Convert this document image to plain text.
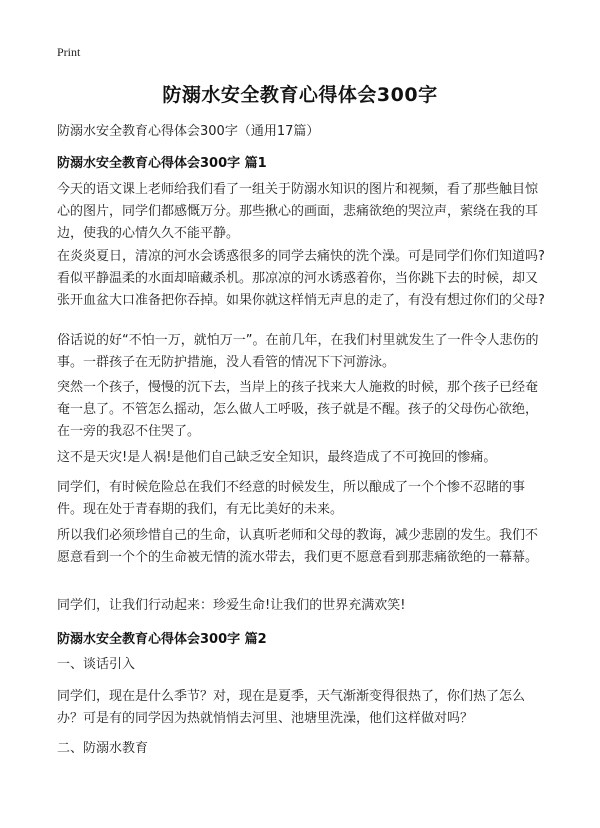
Print
防溺水安全教育心得体会300字
防溺水安全教育心得体会300字（通用17篇）
防溺水安全教育心得体会300字 篇1
今天的语文课上老师给我们看了一组关于防溺水知识的图片和视频，看了那些触目惊心的图片，同学们都感慨万分。那些揪心的画面，悲痛欲绝的哭泣声，萦绕在我的耳边，使我的心情久久不能平静。
在炎炎夏日，清凉的河水会诱惑很多的同学去痛快的洗个澡。可是同学们你们知道吗?看似平静温柔的水面却暗藏杀机。那凉凉的河水诱惑着你，当你跳下去的时候，却又张开血盆大口准备把你吞掉。如果你就这样悄无声息的走了，有没有想过你们的父母?
俗话说的好“不怕一万，就怕万一”。在前几年，在我们村里就发生了一件令人悲伤的事。一群孩子在无防护措施，没人看管的情况下下河游泳。
突然一个孩子，慢慢的沉下去，当岸上的孩子找来大人施救的时候，那个孩子已经奄奄一息了。不管怎么摇动，怎么做人工呼吸，孩子就是不醒。孩子的父母伤心欲绝，在一旁的我忍不住哭了。
这不是天灾!是人祸!是他们自己缺乏安全知识，最终造成了不可挽回的惨痛。
同学们，有时候危险总在我们不经意的时候发生，所以酿成了一个个惨不忍睹的事件。现在处于青春期的我们，有无比美好的未来。
所以我们必须珍惜自己的生命，认真听老师和父母的教诲，减少悲剧的发生。我们不愿意看到一个个的生命被无情的流水带去，我们更不愿意看到那悲痛欲绝的一幕幕。
同学们，让我们行动起来：珍爱生命!让我们的世界充满欢笑!
防溺水安全教育心得体会300字 篇2
一、谈话引入
同学们，现在是什么季节？对，现在是夏季，天气渐渐变得很热了，你们热了怎么办？可是有的同学因为热就悄悄去河里、池塘里洗澡，他们这样做对吗？
二、防溺水教育
